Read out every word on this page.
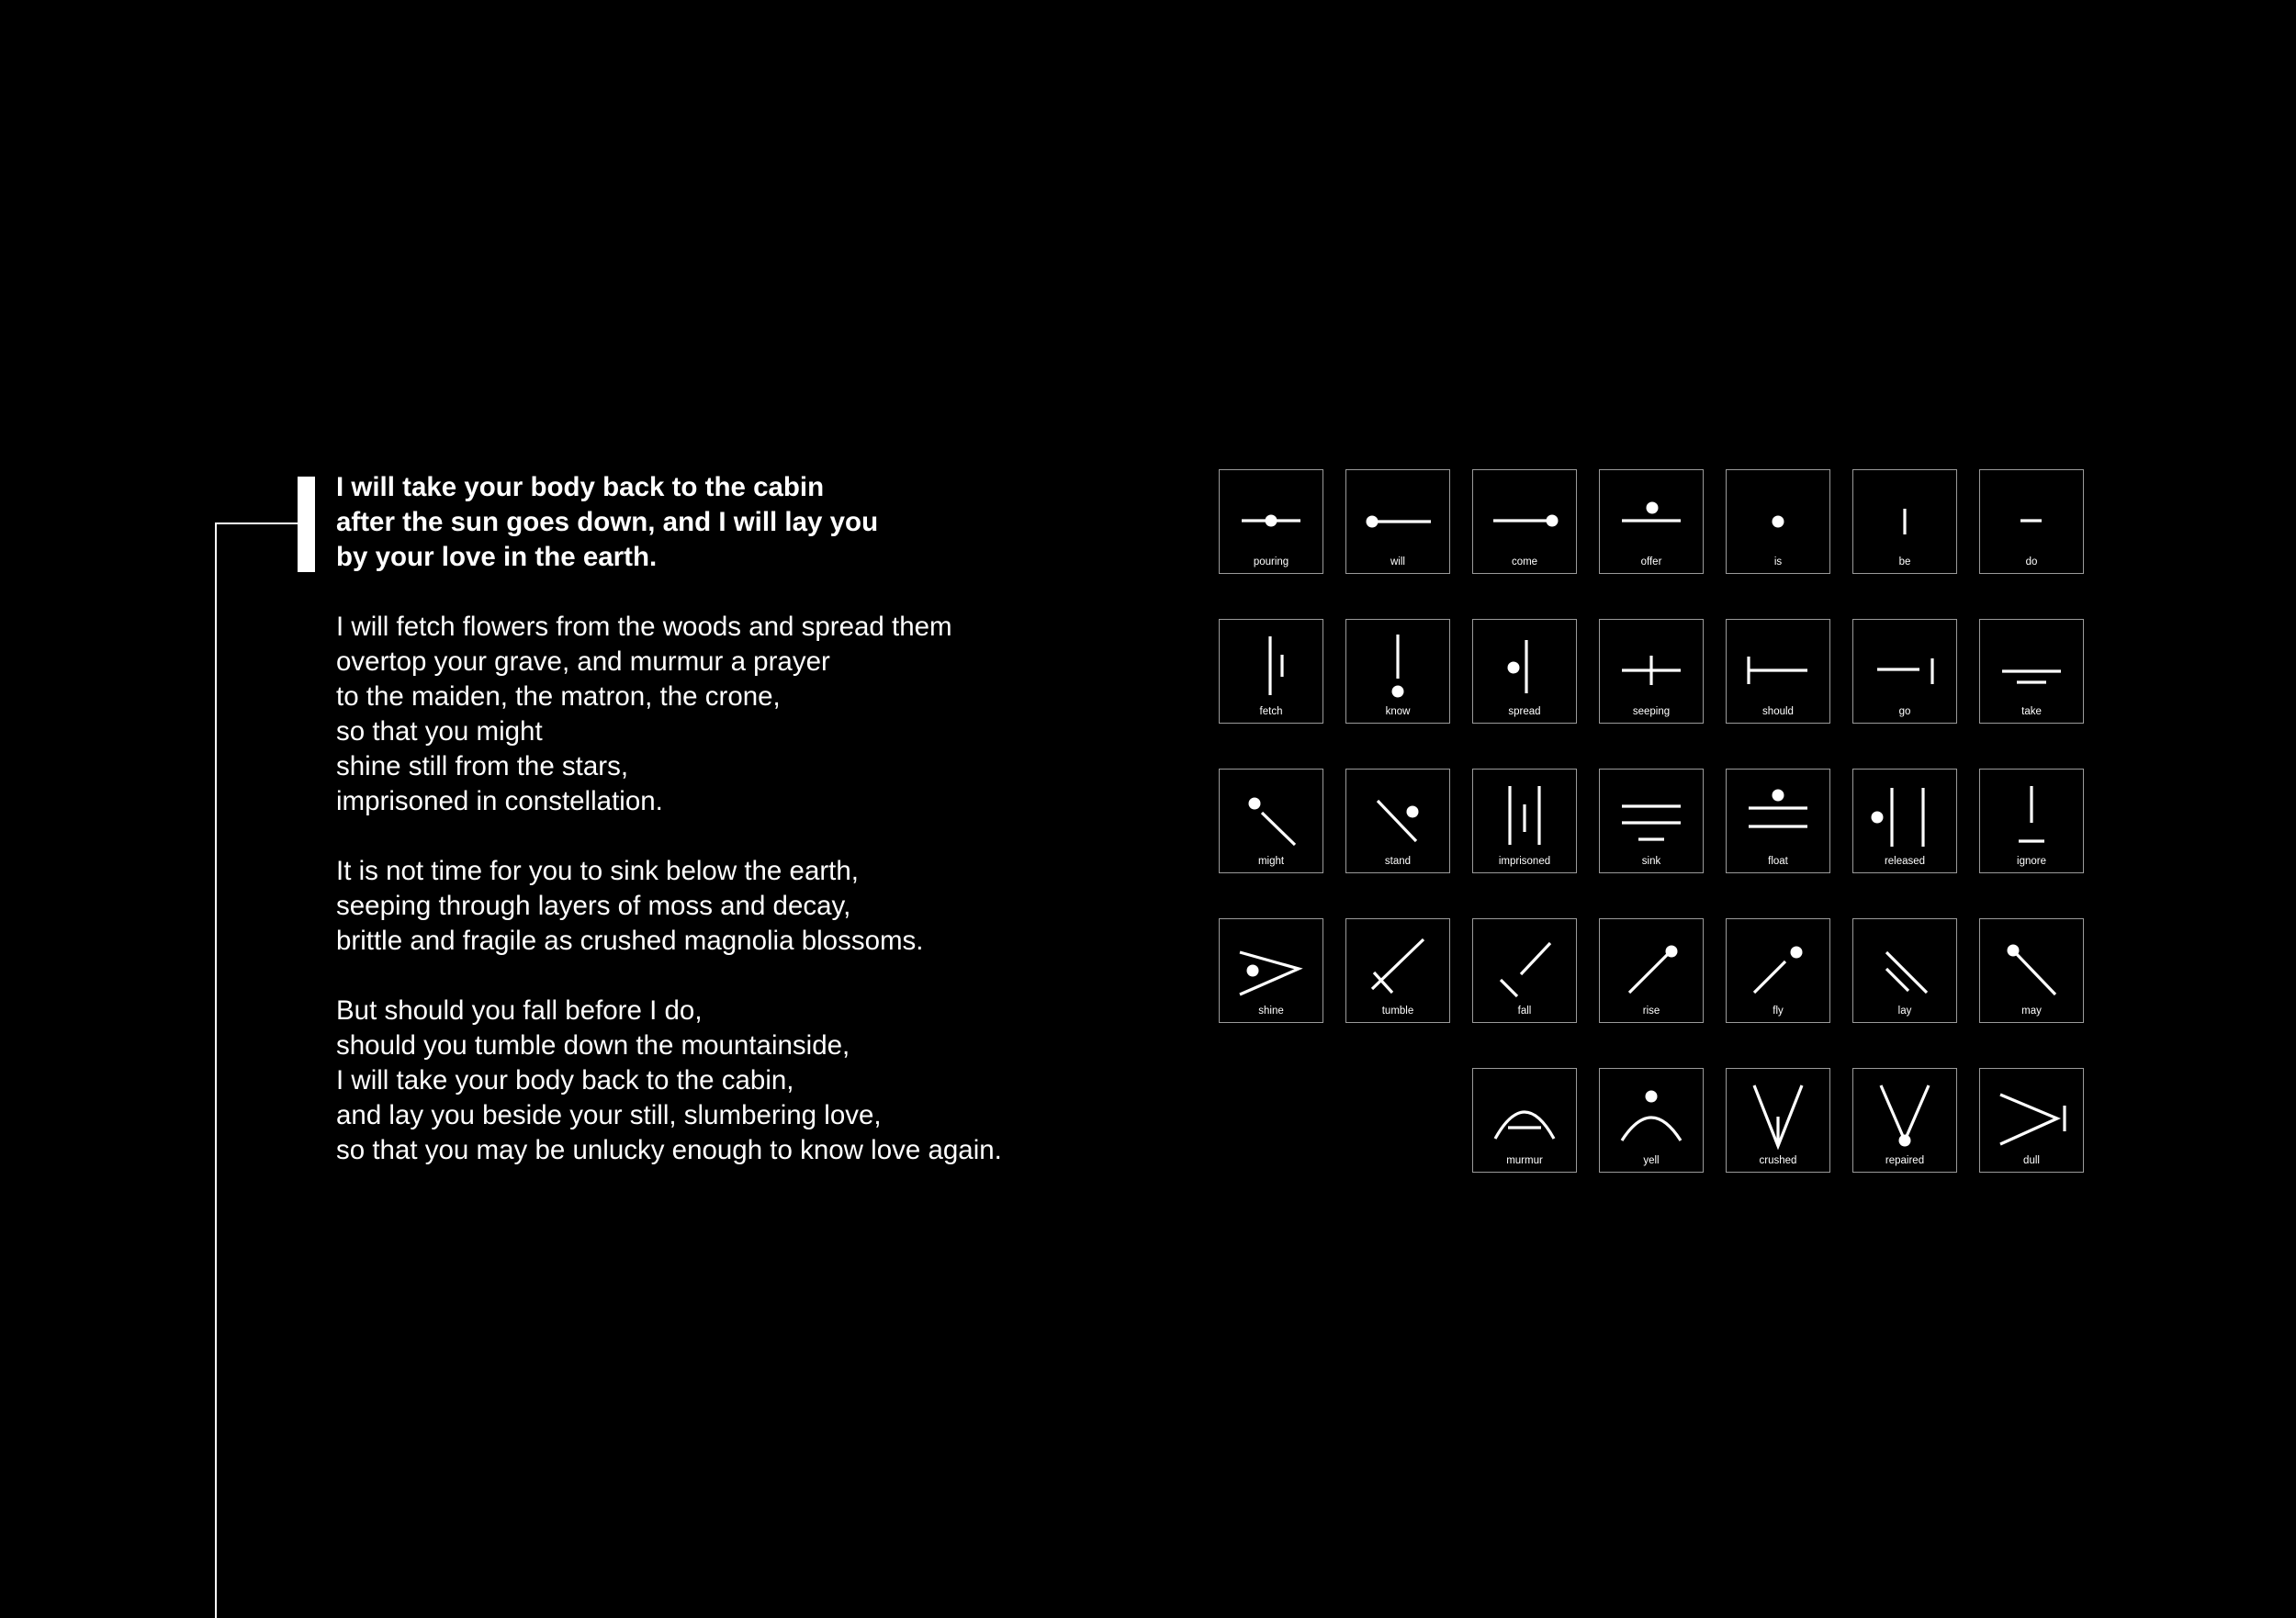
I will take your body back to the cabin
after the sun goes down, and I will lay you
by your love in the earth.
I will fetch flowers from the woods and spread them
overtop your grave, and murmur a prayer
to the maiden, the matron, the crone,
so that you might
shine still from the stars,
imprisoned in constellation.
It is not time for you to sink below the earth,
seeping through layers of moss and decay,
brittle and fragile as crushed magnolia blossoms.
But should you fall before I do,
should you tumble down the mountainside,
I will take your body back to the cabin,
and lay you beside your still, slumbering love,
so that you may be unlucky enough to know love again.
pouring	will	come	offer	is	be	do
fetch	know	spread	seeping	should	go	take
might	stand	imprisoned	sink	float	released	ignore
shine	tumble	fall	rise	fly	lay	may
murmur	yell	crushed	repaired	dull
